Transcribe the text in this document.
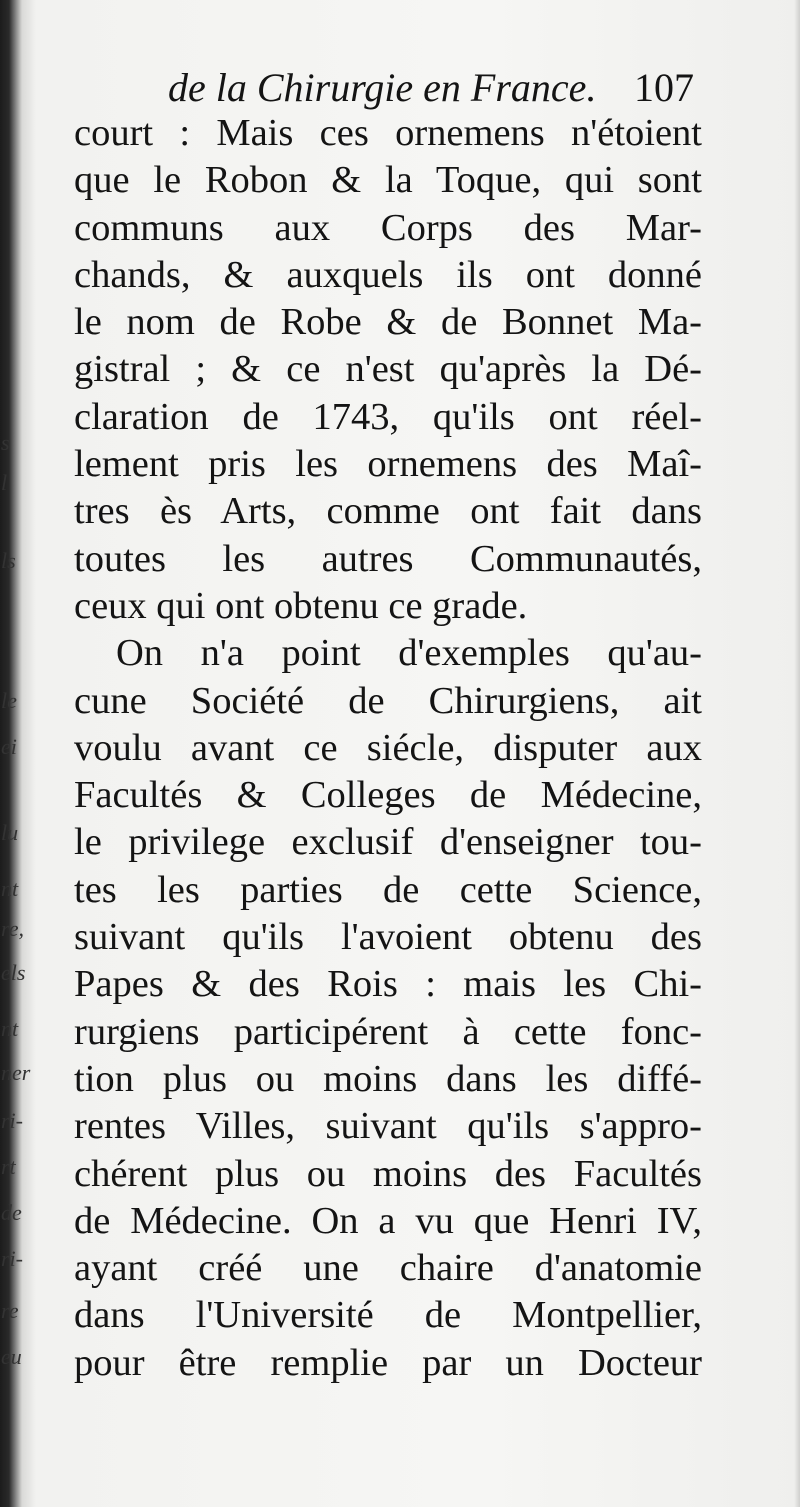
s
l
ls
le
ei
lu
nt
re,
els
nt
ner
ri-
rt
de
ri-
re
eu
de la Chirurgie en France. 107
court : Mais ces ornemens n'étoient
que le Robon & la Toque, qui sont
communs aux Corps des Mar-
chands, & auxquels ils ont donné
le nom de Robe & de Bonnet Ma-
gistral ; & ce n'est qu'après la Dé-
claration de 1743, qu'ils ont réel-
lement pris les ornemens des Maî-
tres ès Arts, comme ont fait dans
toutes les autres Communautés,
ceux qui ont obtenu ce grade.
On n'a point d'exemples qu'au-
cune Société de Chirurgiens, ait
voulu avant ce siécle, disputer aux
Facultés & Colleges de Médecine,
le privilege exclusif d'enseigner tou-
tes les parties de cette Science,
suivant qu'ils l'avoient obtenu des
Papes & des Rois : mais les Chi-
rurgiens participérent à cette fonc-
tion plus ou moins dans les diffé-
rentes Villes, suivant qu'ils s'appro-
chérent plus ou moins des Facultés
de Médecine. On a vu que Henri IV,
ayant créé une chaire d'anatomie
dans l'Université de Montpellier,
pour être remplie par un Docteur
